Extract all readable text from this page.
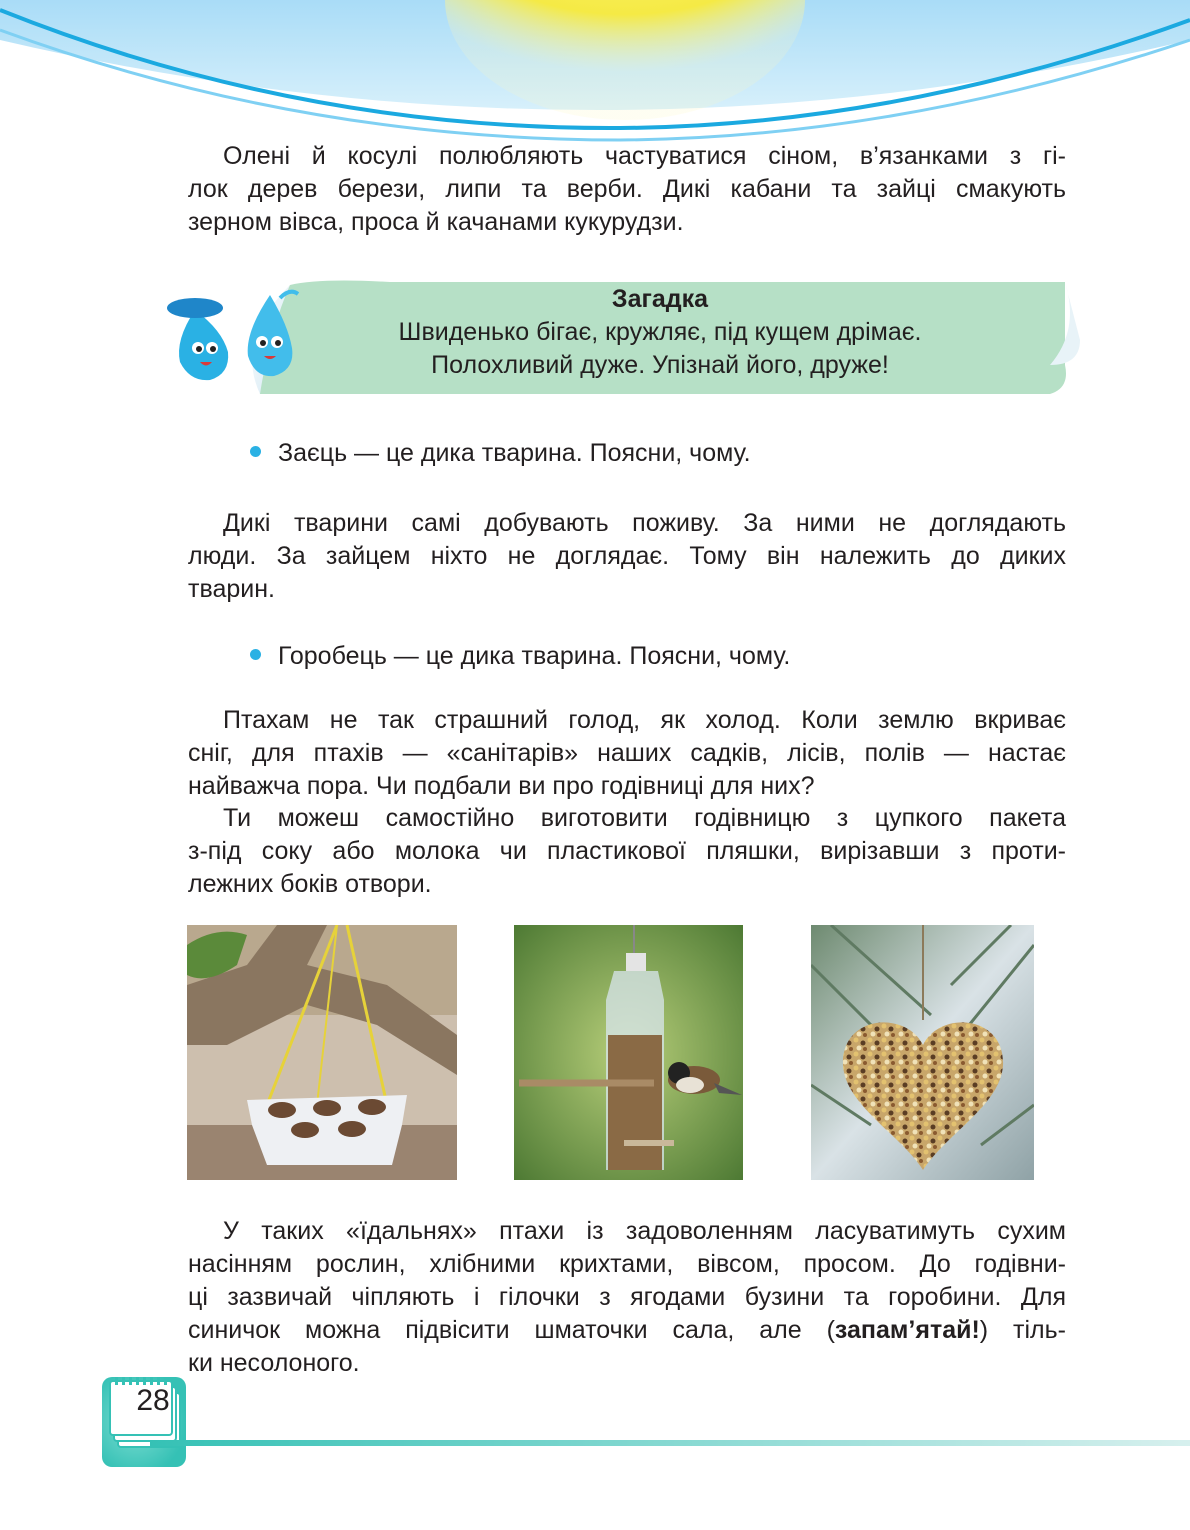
Олені й косулі полюбляють частуватися сіном, в’язанками з гі-
лок дерев берези, липи та верби. Дикі кабани та зайці смакують
зерном вівса, проса й качанами кукурудзи.
Загадка
Швиденько бігає, кружляє, під кущем дрімає.
Полохливий дуже. Упізнай його, друже!
Заєць — це дика тварина. Поясни, чому.
Дикі тварини самі добувають поживу. За ними не доглядають
люди. За зайцем ніхто не доглядає. Тому він належить до диких
тварин.
Горобець — це дика тварина. Поясни, чому.
Птахам не так страшний голод, як холод. Коли землю вкриває
сніг, для птахів — «санітарів» наших садків, лісів, полів — настає
найважча пора. Чи подбали ви про годівниці для них?
Ти можеш самостійно виготовити годівницю з цупкого пакета
з-під соку або молока чи пластикової пляшки, вирізавши з проти-
лежних боків отвори.
У таких «їдальнях» птахи із задоволенням ласуватимуть сухим
насінням рослин, хлібними крихтами, вівсом, просом. До годівни-
ці зазвичай чіпляють і гілочки з ягодами бузини та горобини. Для
синичок можна підвісити шматочки сала, але (запам’ятай!) тіль-
ки несолоного.
28
